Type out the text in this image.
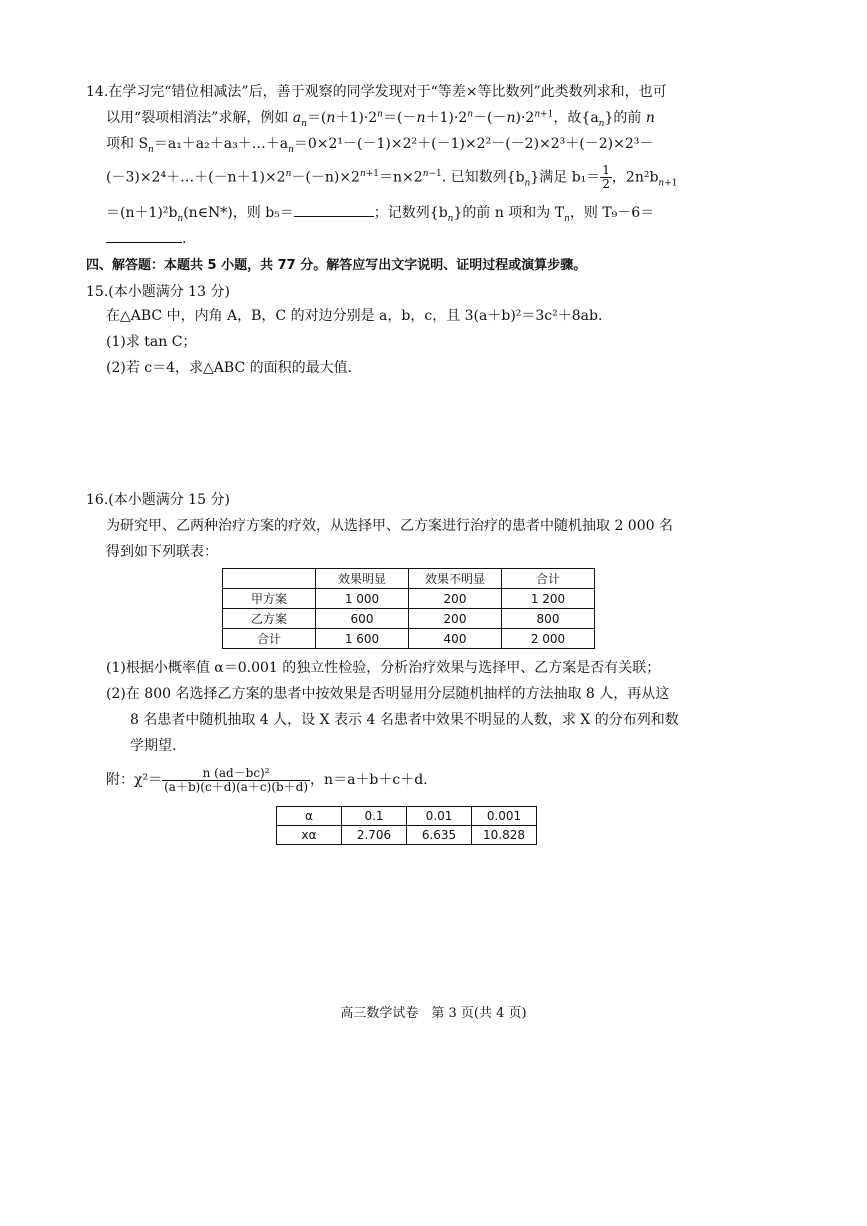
14.在学习完“错位相减法”后，善于观察的同学发现对于“等差×等比数列”此类数列求和，也可
以用“裂项相消法”求解，例如 $a_n=(n+1)\cdot 2^n=(-n+1)\cdot 2^n-(-n)\cdot 2^{n+1}$，故$\{a_n\}$的前 n
项和 $S_n=a_1+a_2+a_3+\dots+a_n=0\times 2^1-(-1)\times 2^2+(-1)\times 2^2-(-2)\times 2^3+(-2)\times 2^3-$
$(-3)\times 2^4+\dots+(-n+1)\times 2^n-(-n)\times 2^{n+1}=n\times 2^{n-1}$. 已知数列$\{b_n\}$满足 $b_1= \frac{1}{2}$ ，$2n^2b_{n+1}$
$=(n+1)^2b_n(n\in N*)$，则 b₅＝	；记数列$\{b_n\}$的前 n 项和为 $T_n$，则 T₉－6＝
.
四、解答题：本题共 5 小题，共 77 分。解答应写出文字说明、证明过程或演算步骤。
15.(本小题满分 13 分)
在△ABC 中，内角 A，B，C 的对边分别是 a，b，c，且 3(a＋b)²＝3c²＋8ab.
(1)求 tan C；
(2)若 c＝4，求△ABC 的面积的最大值.
16.(本小题满分 15 分)
为研究甲、乙两种治疗方案的疗效，从选择甲、乙方案进行治疗的患者中随机抽取 2 000 名
得到如下列联表：
	效果明显	效果不明显	合计
甲方案	1 000	200	1 200
乙方案	600	200	800
合计	1 600	400	2 000
(1)根据小概率值 α＝0.001 的独立性检验，分析治疗效果与选择甲、乙方案是否有关联；
(2)在 800 名选择乙方案的患者中按效果是否明显用分层随机抽样的方法抽取 8 人，再从这
8 名患者中随机抽取 4 人，设 X 表示 4 名患者中效果不明显的人数，求 X 的分布列和数
学期望.
附：$\chi^2= \frac{\text{n (ad－bc)²}}{(a+b)(c+d)(a+c)(b+d)}$ ，n＝a＋b＋c＋d.
α	0.1	0.01	0.001
xα	2.706	6.635	10.828
高三数学试卷　第 3 页(共 4 页)
